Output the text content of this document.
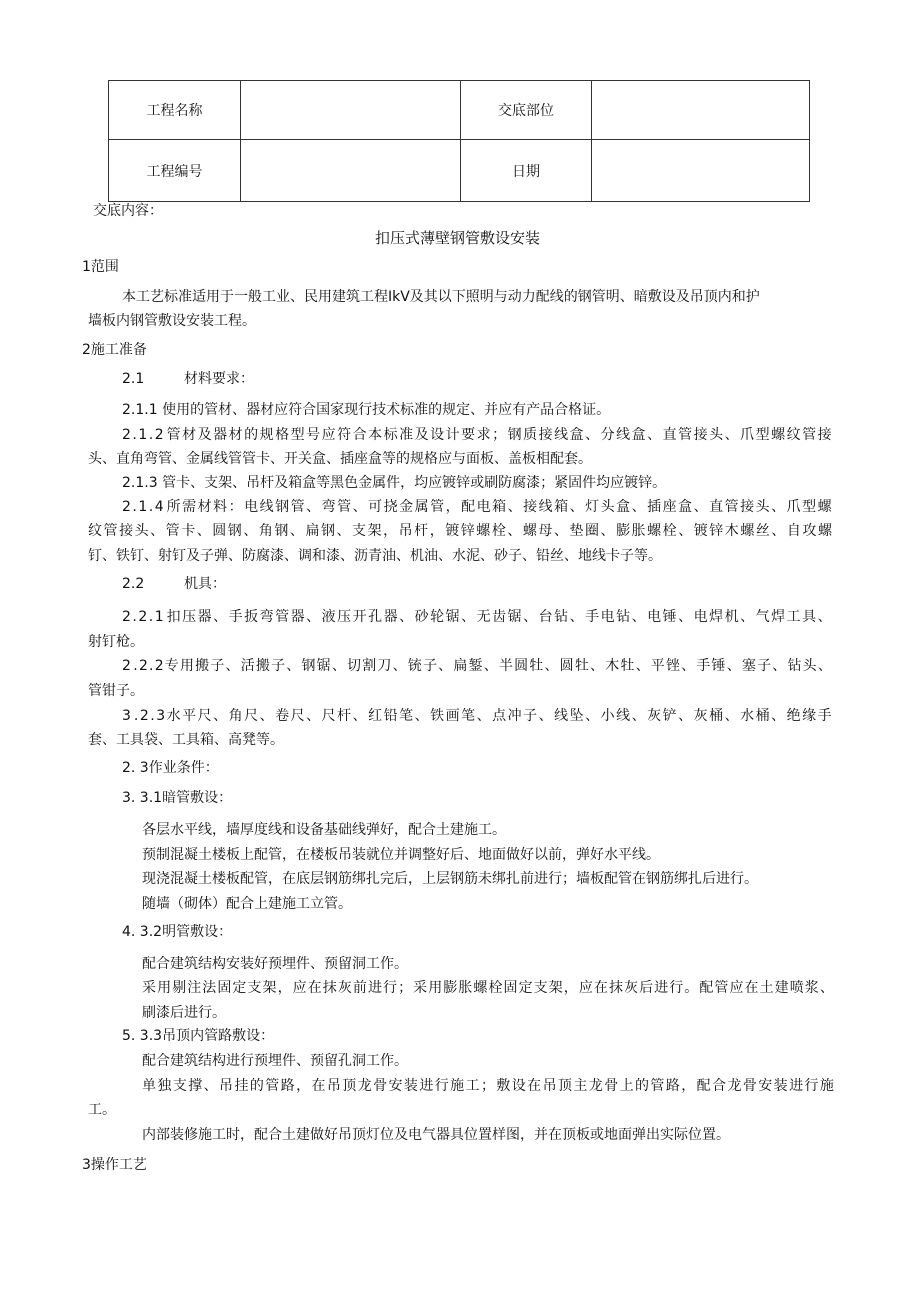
工程名称		交底部位	
工程编号		日期	
交底内容：
扣压式薄壁钢管敷设安装
1范围
本工艺标准适用于一般工业、民用建筑工程IkV及其以下照明与动力配线的钢管明、暗敷设及吊顶内和护
墙板内钢管敷设安装工程。
2施工准备
2.1	材料要求：
2.1.1 使用的管材、器材应符合国家现行技术标准的规定、并应有产品合格证。
2 . 1 . 2 管 材 及 器 材 的 规 格 型 号 应 符 合 本 标 准 及 设 计 要 求 ； 钢 质 接 线 盒 、 分 线 盒 、 直 管 接 头 、 爪 型 螺 纹 管 接
头、直角弯管、金属线管管卡、开关盒、插座盒等的规格应与面板、盖板相配套。
2.1.3 管卡、支架、吊杆及箱盒等黑色金属件，均应镀锌或刷防腐漆；紧固件均应镀锌。
2 . 1 . 4 所 需 材 料 ： 电 线 钢 管 、 弯 管 、 可 挠 金 属 管 ， 配 电 箱 、 接 线 箱 、 灯 头 盒 、 插 座 盒 、 直 管 接 头 、 爪 型 螺
纹 管 接 头 、 管 卡 、 圆 钢 、 角 钢 、 扁 钢 、 支 架 ， 吊 杆 ， 镀 锌 螺 栓 、 螺 母 、 垫 圈 、 膨 胀 螺 栓 、 镀 锌 木 螺 丝 、 自 攻 螺
钉、铁钉、射钉及子弹、防腐漆、调和漆、沥青油、机油、水泥、砂子、铅丝、地线卡子等。
2.2	机具：
2 . 2 . 1 扣 压 器 、 手 扳 弯 管 器 、 液 压 开 孔 器 、 砂 轮 锯 、 无 齿 锯 、 台 钻 、 手 电 钻 、 电 锤 、 电 焊 机 、 气 焊 工 具 、
射钉枪。
2 . 2 . 2 专 用 搬 子 、 活 搬 子 、 钢 锯 、 切 割 刀 、 铳 子 、 扁 錾 、 半 圆 牡 、 圆 牡 、 木 牡 、 平 锉 、 手 锤 、 塞 子 、 钻 头 、
管钳子。
3 . 2 . 3 水 平 尺 、 角 尺 、 卷 尺 、 尺 杆 、 红 铅 笔 、 铁 画 笔 、 点 冲 子 、 线 坠 、 小 线 、 灰 铲 、 灰 桶 、 水 桶 、 绝 缘 手
套、工具袋、工具箱、高凳等。
2. 3作业条件：
3. 3.1暗管敷设：
各层水平线，墙厚度线和设备基础线弹好，配合土建施工。
预制混凝土楼板上配管，在楼板吊装就位并调整好后、地面做好以前，弹好水平线。
现浇混凝土楼板配管，在底层钢筋绑扎完后，上层钢筋未绑扎前进行；墙板配管在钢筋绑扎后进行。
随墙（砌体）配合上建施工立管。
4. 3.2明管敷设：
配合建筑结构安装好预埋件、预留洞工作。
采 用 剔 注 法 固 定 支 架 ， 应 在 抹 灰 前 进 行 ； 采 用 膨 胀 螺 栓 固 定 支 架 ， 应 在 抹 灰 后 进 行 。 配 管 应 在 土 建 喷 浆 、
刷漆后进行。
5. 3.3吊顶内管路敷设：
配合建筑结构进行预埋件、预留孔洞工作。
单 独 支 撑 、 吊 挂 的 管 路 ， 在 吊 顶 龙 骨 安 装 进 行 施 工 ； 敷 设 在 吊 顶 主 龙 骨 上 的 管 路 ， 配 合 龙 骨 安 装 进 行 施
工。
内部装修施工时，配合土建做好吊顶灯位及电气器具位置样图，并在顶板或地面弹出实际位置。
3操作工艺
